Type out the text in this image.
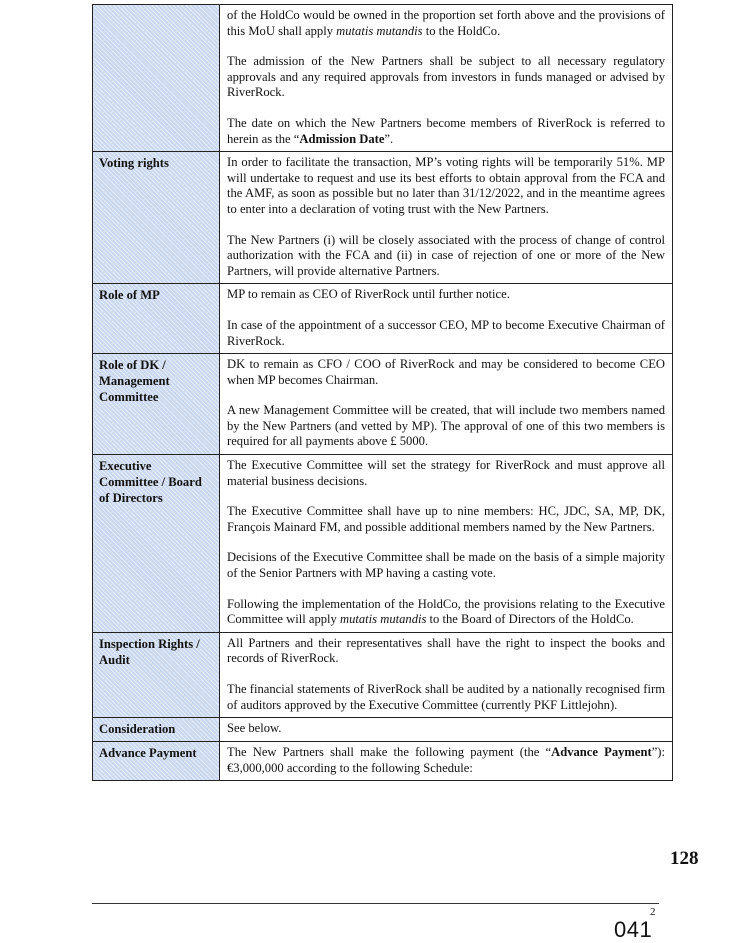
	of the HoldCo would be owned in the proportion set forth above and the provisions of this MoU shall apply mutatis mutandis to the HoldCo.

The admission of the New Partners shall be subject to all necessary regulatory approvals and any required approvals from investors in funds managed or advised by RiverRock.

The date on which the New Partners become members of RiverRock is referred to herein as the “Admission Date”.

Voting rights	In order to facilitate the transaction, MP’s voting rights will be temporarily 51%. MP will undertake to request and use its best efforts to obtain approval from the FCA and the AMF, as soon as possible but no later than 31/12/2022, and in the meantime agrees to enter into a declaration of voting trust with the New Partners.

The New Partners (i) will be closely associated with the process of change of control authorization with the FCA and (ii) in case of rejection of one or more of the New Partners, will provide alternative Partners.

Role of MP	MP to remain as CEO of RiverRock until further notice.

In case of the appointment of a successor CEO, MP to become Executive Chairman of RiverRock.

Role of DK / Management Committee	DK to remain as CFO / COO of RiverRock and may be considered to become CEO when MP becomes Chairman.

A new Management Committee will be created, that will include two members named by the New Partners (and vetted by MP). The approval of one of this two members is required for all payments above £ 5000.

Executive Committee / Board of Directors	The Executive Committee will set the strategy for RiverRock and must approve all material business decisions.

The Executive Committee shall have up to nine members: HC, JDC, SA, MP, DK, François Mainard FM, and possible additional members named by the New Partners.

Decisions of the Executive Committee shall be made on the basis of a simple majority of the Senior Partners with MP having a casting vote.

Following the implementation of the HoldCo, the provisions relating to the Executive Committee will apply mutatis mutandis to the Board of Directors of the HoldCo.

Inspection Rights / Audit	All Partners and their representatives shall have the right to inspect the books and records of RiverRock.

The financial statements of RiverRock shall be audited by a nationally recognised firm of auditors approved by the Executive Committee (currently PKF Littlejohn).

Consideration	See below.

Advance Payment	The New Partners shall make the following payment (the “Advance Payment”): €3,000,000 according to the following Schedule:

128
2
041
